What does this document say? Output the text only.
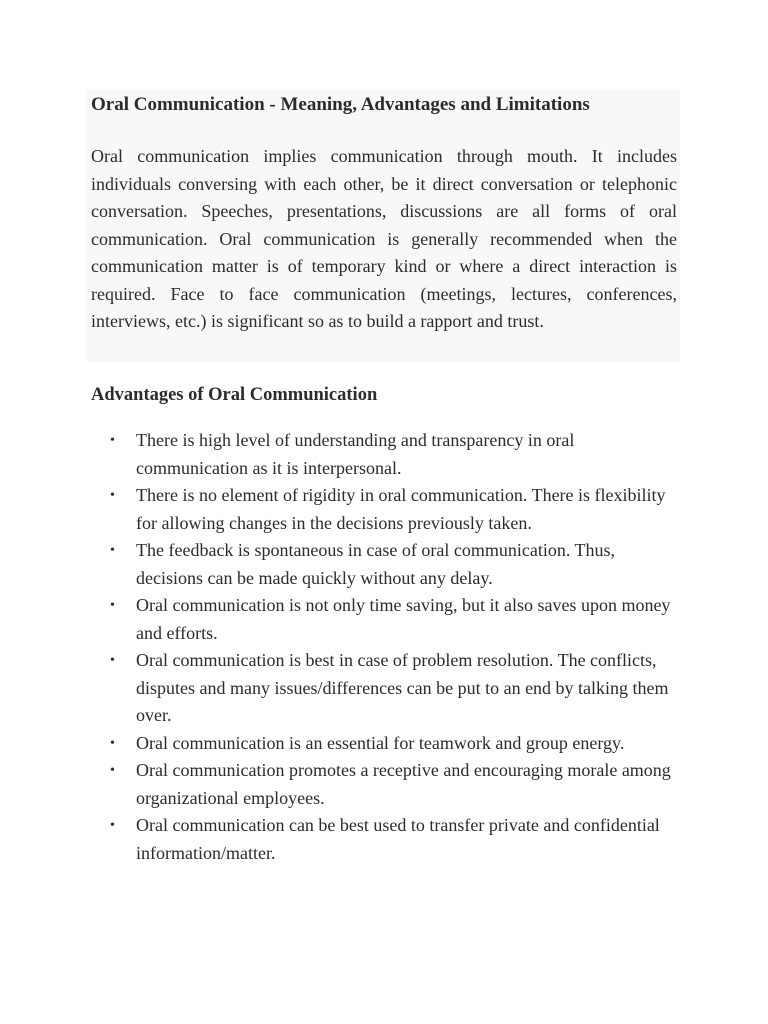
Oral Communication - Meaning, Advantages and Limitations

Oral communication implies communication through mouth. It includes individuals conversing with each other, be it direct conversation or telephonic conversation. Speeches, presentations, discussions are all forms of oral communication. Oral communication is generally recommended when the communication matter is of temporary kind or where a direct interaction is required. Face to face communication (meetings, lectures, conferences, interviews, etc.) is significant so as to build a rapport and trust.

Advantages of Oral Communication
• There is high level of understanding and transparency in oral communication as it is interpersonal.
• There is no element of rigidity in oral communication. There is flexibility for allowing changes in the decisions previously taken.
• The feedback is spontaneous in case of oral communication. Thus, decisions can be made quickly without any delay.
• Oral communication is not only time saving, but it also saves upon money and efforts.
• Oral communication is best in case of problem resolution. The conflicts, disputes and many issues/differences can be put to an end by talking them over.
• Oral communication is an essential for teamwork and group energy.
• Oral communication promotes a receptive and encouraging morale among organizational employees.
• Oral communication can be best used to transfer private and confidential information/matter.
